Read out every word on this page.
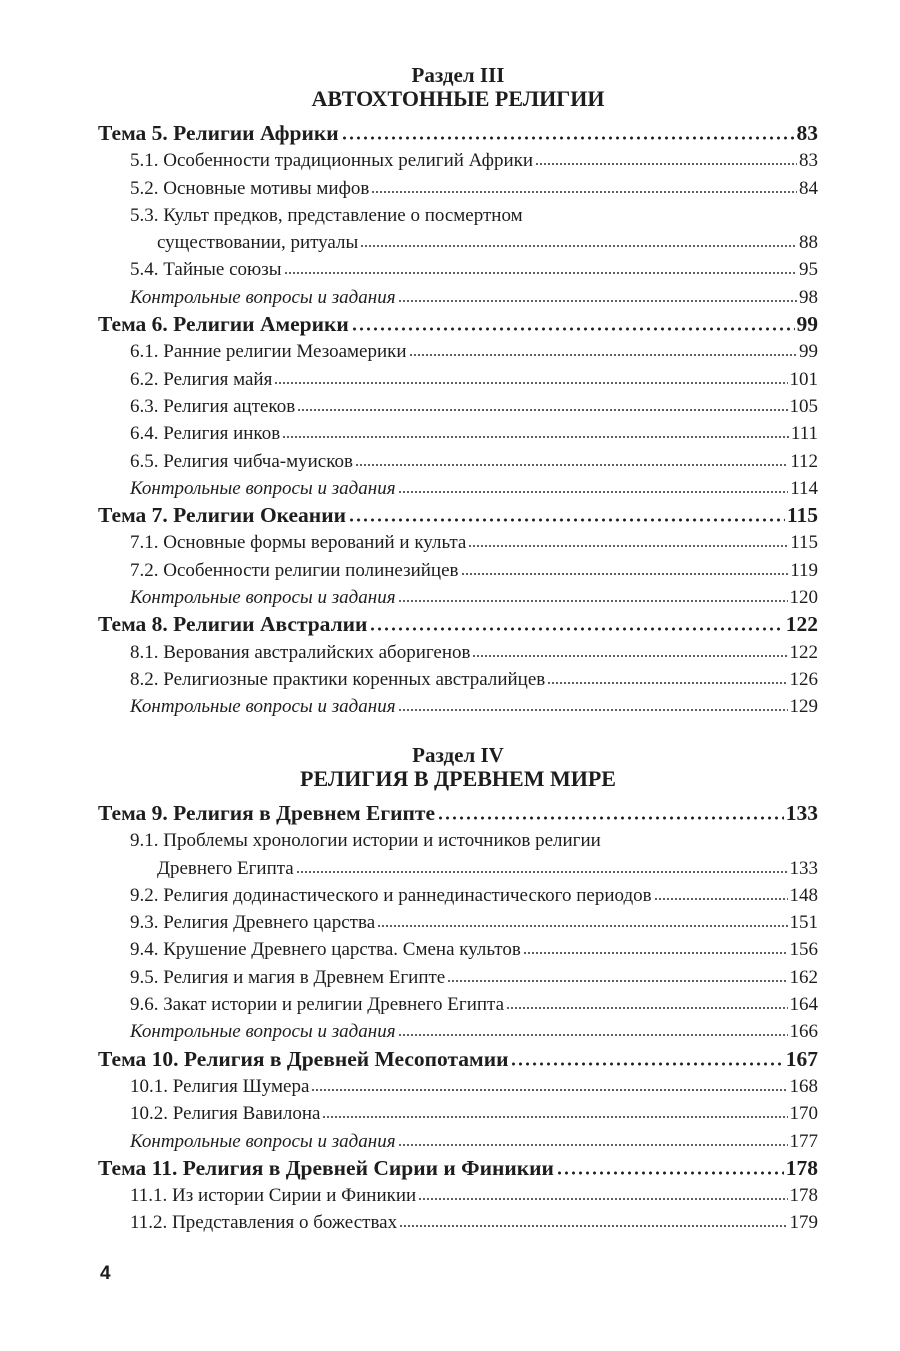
Раздел III
АВТОХТОННЫЕ РЕЛИГИИ
Тема 5. Религии Африки	83
5.1. Особенности традиционных религий Африки	83
5.2. Основные мотивы мифов	84
5.3. Культ предков, представление о посмертном
существовании, ритуалы	88
5.4. Тайные союзы	95
Контрольные вопросы и задания	98
Тема 6. Религии Америки	99
6.1. Ранние религии Мезоамерики	99
6.2. Религия майя	101
6.3. Религия ацтеков	105
6.4. Религия инков	111
6.5. Религия чибча-муисков	112
Контрольные вопросы и задания	114
Тема 7. Религии Океании	115
7.1. Основные формы верований и культа	115
7.2. Особенности религии полинезийцев	119
Контрольные вопросы и задания	120
Тема 8. Религии Австралии	122
8.1. Верования австралийских аборигенов	122
8.2. Религиозные практики коренных австралийцев	126
Контрольные вопросы и задания	129
Раздел IV
РЕЛИГИЯ В ДРЕВНЕМ МИРЕ
Тема 9. Религия в Древнем Египте	133
9.1. Проблемы хронологии истории и источников религии
Древнего Египта	133
9.2. Религия додинастического и раннединастического периодов	148
9.3. Религия Древнего царства	151
9.4. Крушение Древнего царства. Смена культов	156
9.5. Религия и магия в Древнем Египте	162
9.6. Закат истории и религии Древнего Египта	164
Контрольные вопросы и задания	166
Тема 10. Религия в Древней Месопотамии	167
10.1. Религия Шумера	168
10.2. Религия Вавилона	170
Контрольные вопросы и задания	177
Тема 11. Религия в Древней Сирии и Финикии	178
11.1. Из истории Сирии и Финикии	178
11.2. Представления о божествах	179
4
